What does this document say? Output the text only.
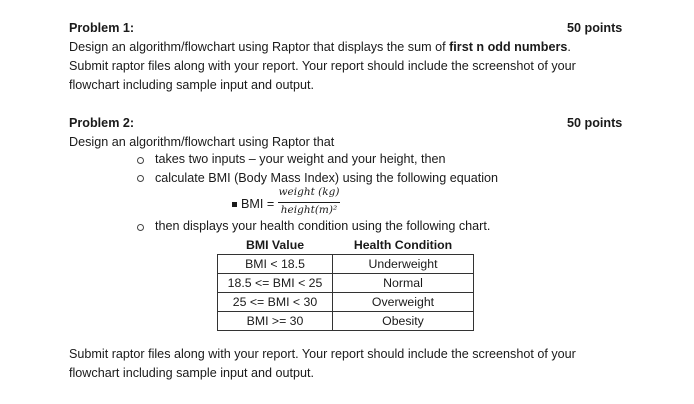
Problem 1:	50 points
Design an algorithm/flowchart using Raptor that displays the sum of first n odd numbers.
Submit raptor files along with your report. Your report should include the screenshot of your
flowchart including sample input and output.
Problem 2:	50 points
Design an algorithm/flowchart using Raptor that
takes two inputs – your weight and your height, then
calculate BMI (Body Mass Index) using the following equation
BMI =
weight (kg)
height(m)²
then displays your health condition using the following chart.
BMI Value	Health Condition
BMI < 18.5	Underweight
18.5 <= BMI < 25	Normal
25 <= BMI < 30	Overweight
BMI >= 30	Obesity
Submit raptor files along with your report. Your report should include the screenshot of your
flowchart including sample input and output.
